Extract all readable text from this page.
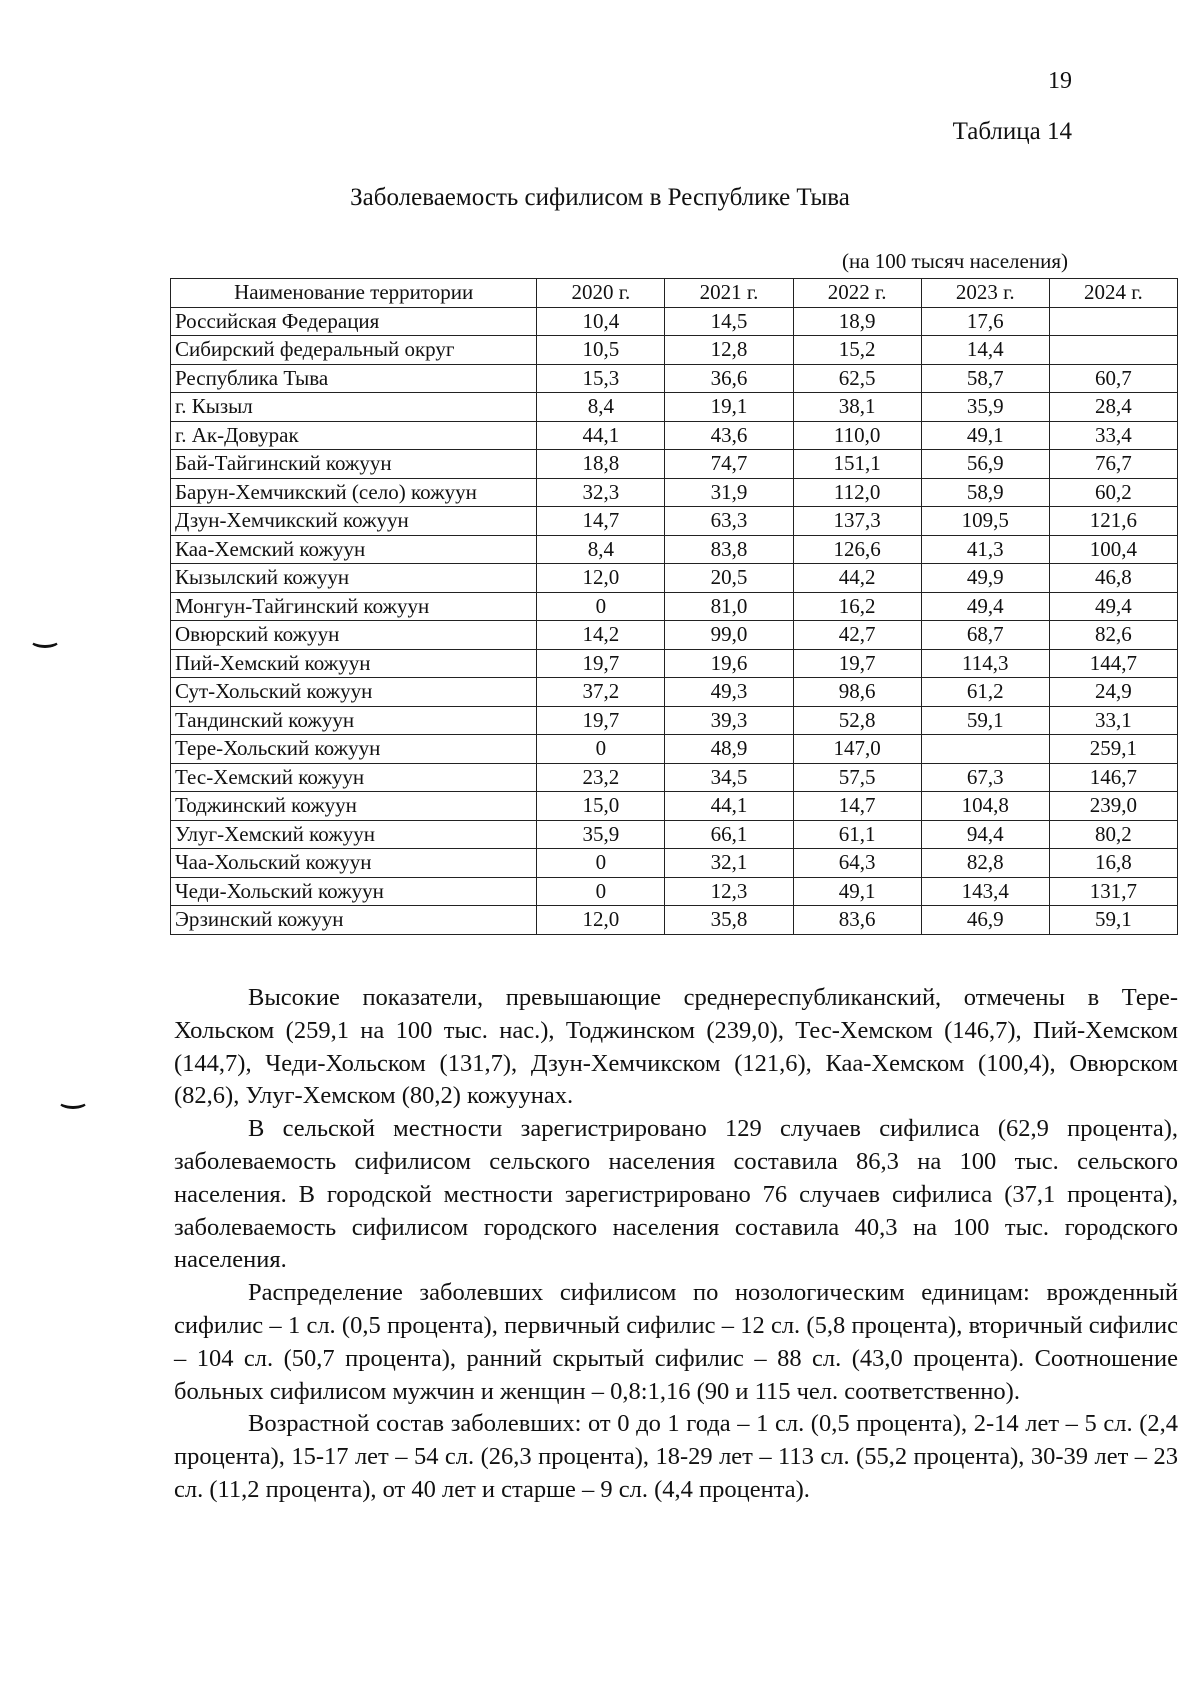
19
Таблица 14
Заболеваемость сифилисом в Республике Тыва
(на 100 тысяч населения)
Наименование территории	2020 г.	2021 г.	2022 г.	2023 г.	2024 г.
Российская Федерация	10,4	14,5	18,9	17,6	
Сибирский федеральный округ	10,5	12,8	15,2	14,4	
Республика Тыва	15,3	36,6	62,5	58,7	60,7
г. Кызыл	8,4	19,1	38,1	35,9	28,4
г. Ак-Довурак	44,1	43,6	110,0	49,1	33,4
Бай-Тайгинский кожуун	18,8	74,7	151,1	56,9	76,7
Барун-Хемчикский (село) кожуун	32,3	31,9	112,0	58,9	60,2
Дзун-Хемчикский кожуун	14,7	63,3	137,3	109,5	121,6
Каа-Хемский кожуун	8,4	83,8	126,6	41,3	100,4
Кызылский кожуун	12,0	20,5	44,2	49,9	46,8
Монгун-Тайгинский кожуун	0	81,0	16,2	49,4	49,4
Овюрский кожуун	14,2	99,0	42,7	68,7	82,6
Пий-Хемский кожуун	19,7	19,6	19,7	114,3	144,7
Сут-Хольский кожуун	37,2	49,3	98,6	61,2	24,9
Тандинский кожуун	19,7	39,3	52,8	59,1	33,1
Тере-Хольский кожуун	0	48,9	147,0		259,1
Тес-Хемский кожуун	23,2	34,5	57,5	67,3	146,7
Тоджинский кожуун	15,0	44,1	14,7	104,8	239,0
Улуг-Хемский кожуун	35,9	66,1	61,1	94,4	80,2
Чаа-Хольский кожуун	0	32,1	64,3	82,8	16,8
Чеди-Хольский кожуун	0	12,3	49,1	143,4	131,7
Эрзинский кожуун	12,0	35,8	83,6	46,9	59,1

Высокие показатели, превышающие среднереспубликанский, отмечены в Тере-Хольском (259,1 на 100 тыс. нас.), Тоджинском (239,0), Тес-Хемском (146,7), Пий-Хемском (144,7), Чеди-Хольском (131,7), Дзун-Хемчикском (121,6), Каа-Хемском (100,4), Овюрском (82,6), Улуг-Хемском (80,2) кожуунах.

В сельской местности зарегистрировано 129 случаев сифилиса (62,9 процента), заболеваемость сифилисом сельского населения составила 86,3 на 100 тыс. сельского населения. В городской местности зарегистрировано 76 случаев сифилиса (37,1 процента), заболеваемость сифилисом городского населения составила 40,3 на 100 тыс. городского населения.

Распределение заболевших сифилисом по нозологическим единицам: врожденный сифилис – 1 сл. (0,5 процента), первичный сифилис – 12 сл. (5,8 процента), вторичный сифилис – 104 сл. (50,7 процента), ранний скрытый сифилис – 88 сл. (43,0 процента). Соотношение больных сифилисом мужчин и женщин – 0,8:1,16 (90 и 115 чел. соответственно).

Возрастной состав заболевших: от 0 до 1 года – 1 сл. (0,5 процента), 2-14 лет – 5 сл. (2,4 процента), 15-17 лет – 54 сл. (26,3 процента), 18-29 лет – 113 сл. (55,2 процента), 30-39 лет – 23 сл. (11,2 процента), от 40 лет и старше – 9 сл. (4,4 процента).
